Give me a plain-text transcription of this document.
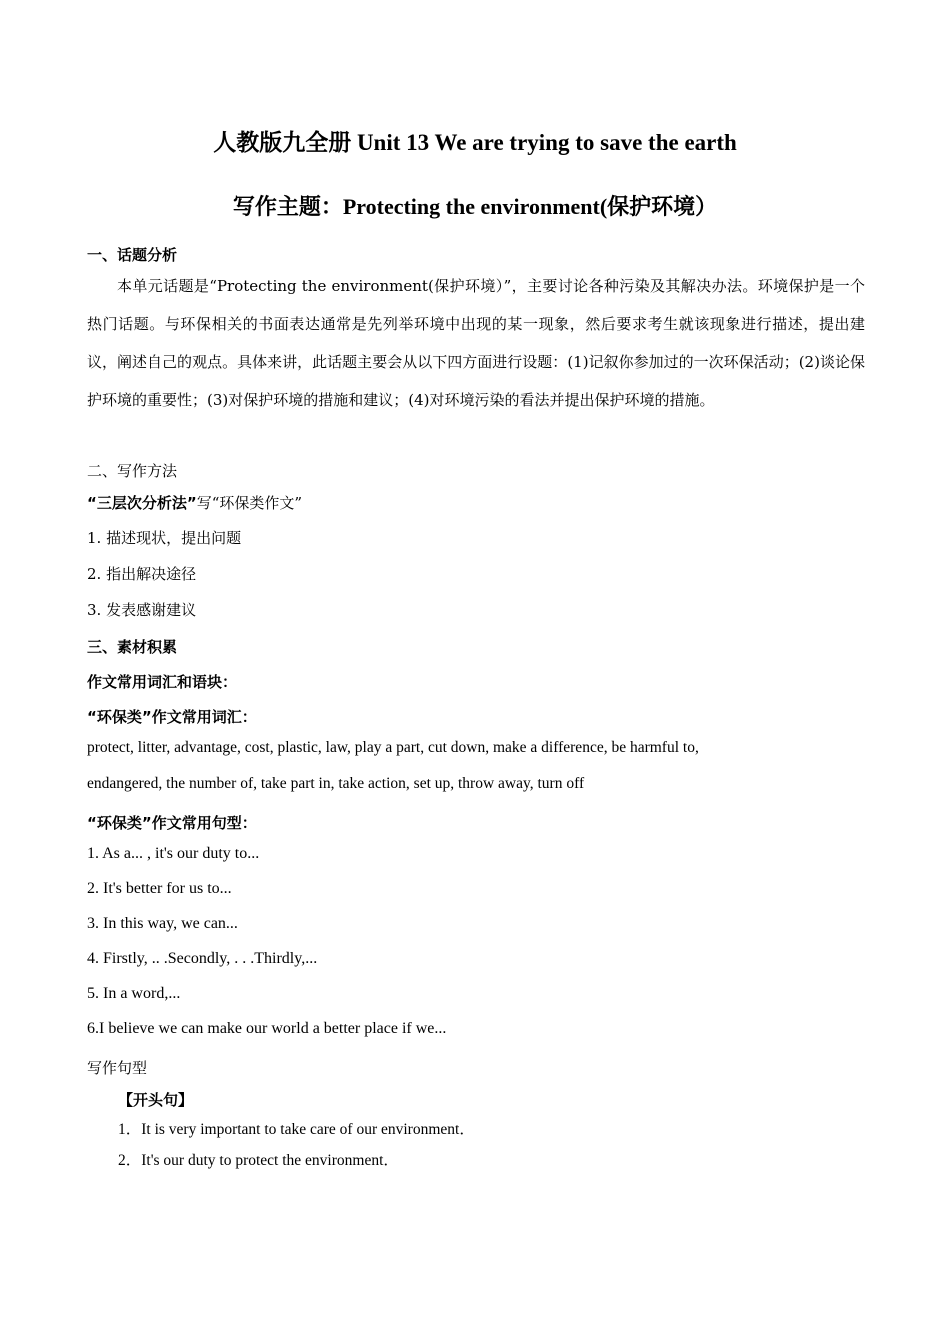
人教版九全册 Unit 13 We are trying to save the earth
写作主题：Protecting the environment(保护环境）
一、话题分析
本单元话题是“Protecting the environment(保护环境）”，主要讨论各种污染及其解决办法。环境保护是一个热门话题。与环保相关的书面表达通常是先列举环境中出现的某一现象，然后要求考生就该现象进行描述，提出建议，阐述自己的观点。具体来讲，此话题主要会从以下四方面进行设题：(1)记叙你参加过的一次环保活动；(2)谈论保护环境的重要性；(3)对保护环境的措施和建议；(4)对环境污染的看法并提出保护环境的措施。
二、写作方法
“三层次分析法”写“环保类作文”
1. 描述现状，提出问题
2. 指出解决途径
3. 发表感谢建议
三、素材积累
作文常用词汇和语块：
“环保类”作文常用词汇：
protect, litter, advantage, cost, plastic, law, play a part, cut down, make a difference, be harmful to,
endangered, the number of, take part in, take action, set up, throw away, turn off
“环保类”作文常用句型：
1. As a... , it's our duty to...
2. It's better for us to...
3. In this way, we can...
4. Firstly, .. .Secondly, . . .Thirdly,...
5. In a word,...
6.I believe we can make our world a better place if we...
写作句型
【开头句】
1．It is very important to take care of our environment．
2．It's our duty to protect the environment．
